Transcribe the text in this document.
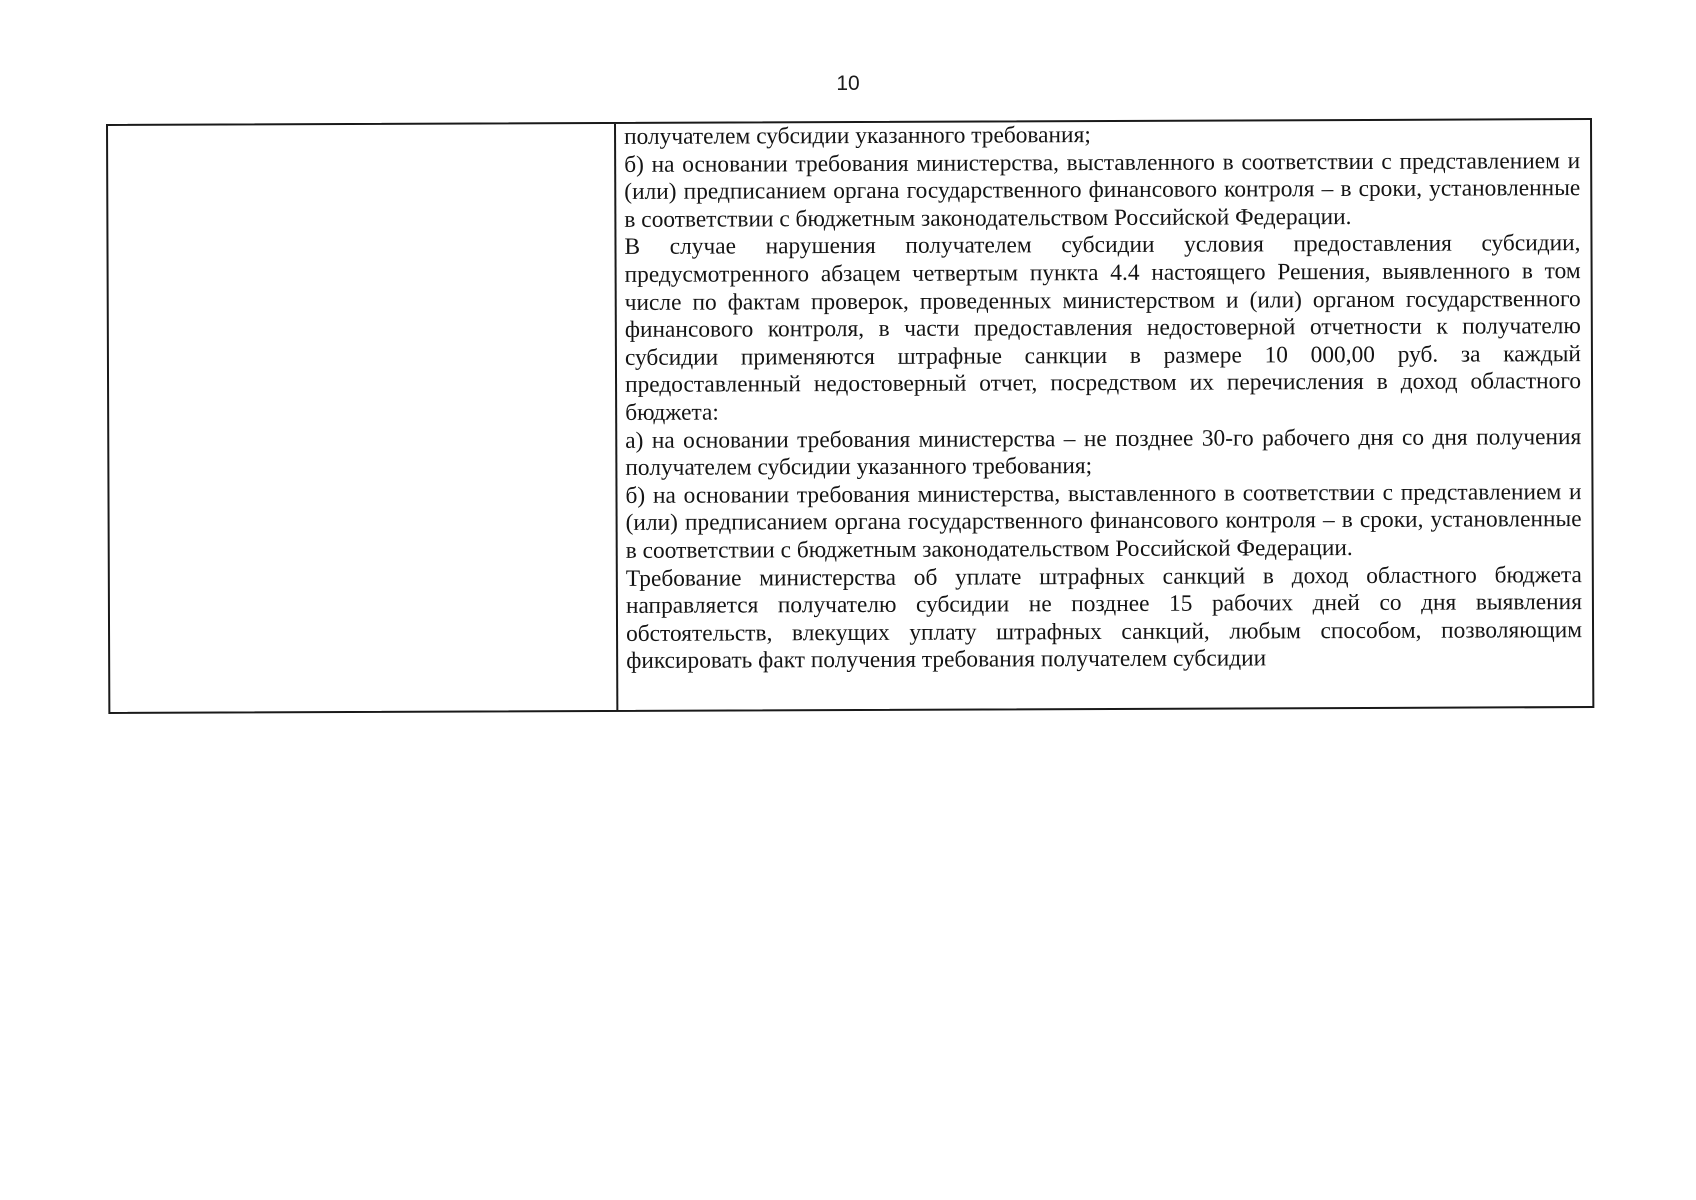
10

получателем субсидии указанного требования;

б) на основании требования министерства, выставленного в соответствии с представлением и (или) предписанием органа государственного финансового контроля – в сроки, установленные в соответствии с бюджетным законодательством Российской Федерации.

В случае нарушения получателем субсидии условия предоставления субсидии, предусмотренного абзацем четвертым пункта 4.4 настоящего Решения, выявленного в том числе по фактам проверок, проведенных министерством и (или) органом государственного финансового контроля, в части предоставления недостоверной отчетности к получателю субсидии применяются штрафные санкции в размере 10 000,00 руб. за каждый предоставленный недостоверный отчет, посредством их перечисления в доход областного бюджета:

а) на основании требования министерства – не позднее 30-го рабочего дня со дня получения получателем субсидии указанного требования;

б) на основании требования министерства, выставленного в соответствии с представлением и (или) предписанием органа государственного финансового контроля – в сроки, установленные в соответствии с бюджетным законодательством Российской Федерации.

Требование министерства об уплате штрафных санкций в доход областного бюджета направляется получателю субсидии не позднее 15 рабочих дней со дня выявления обстоятельств, влекущих уплату штрафных санкций, любым способом, позволяющим фиксировать факт получения требования получателем субсидии
